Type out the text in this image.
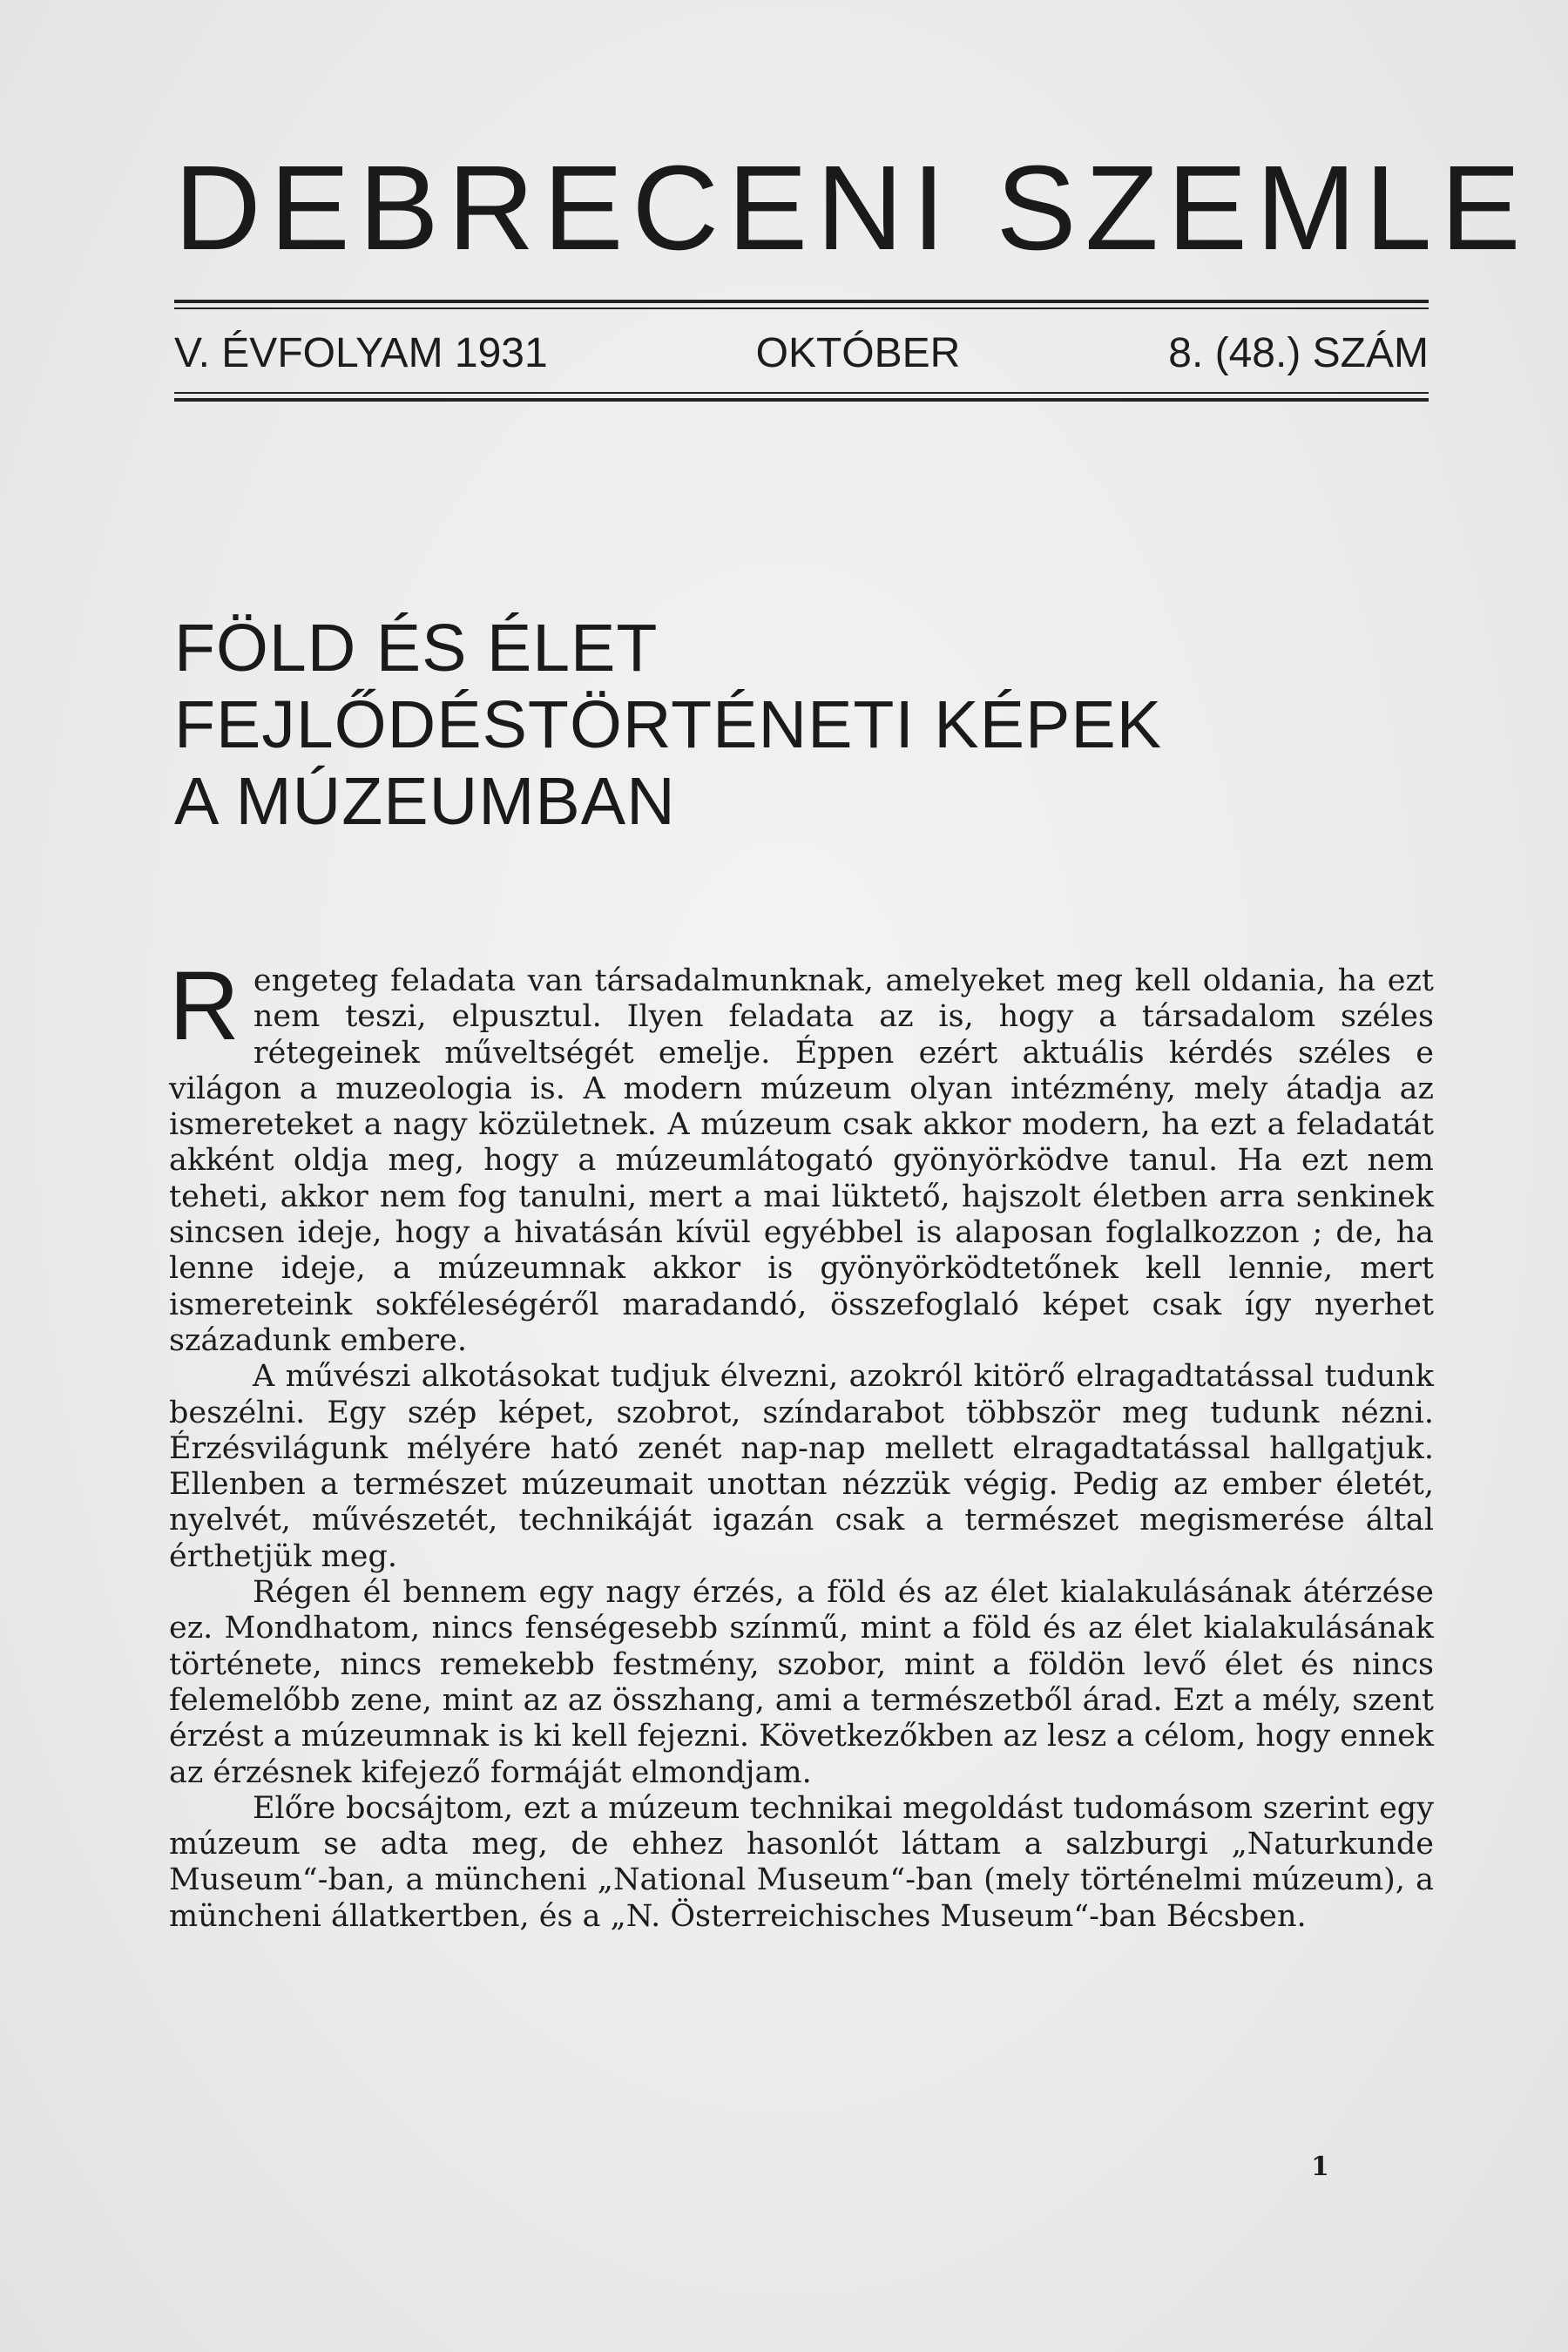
DEBRECENI SZEMLE
V. ÉVFOLYAM 1931	OKTÓBER	8. (48.) SZÁM
FÖLD ÉS ÉLET
FEJLŐDÉSTÖRTÉNETI KÉPEK
A MÚZEUMBAN

Rengeteg feladata van társadalmunknak, amelyeket meg kell oldania, ha ezt nem teszi, elpusztul. Ilyen feladata az is, hogy a társadalom széles rétegeinek műveltségét emelje. Éppen ezért aktuális kérdés széles e világon a muzeologia is. A modern múzeum olyan intézmény, mely átadja az ismereteket a nagy közületnek. A múzeum csak akkor modern, ha ezt a feladatát akként oldja meg, hogy a múzeumlátogató gyönyörködve tanul. Ha ezt nem teheti, akkor nem fog tanulni, mert a mai lüktető, hajszolt életben arra senkinek sincsen ideje, hogy a hivatásán kívül egyébbel is alaposan foglalkozzon ; de, ha lenne ideje, a múzeumnak akkor is gyönyörködtetőnek kell lennie, mert ismereteink sokféleségéről maradandó, összefoglaló képet csak így nyerhet századunk embere.

A művészi alkotásokat tudjuk élvezni, azokról kitörő elragadtatással tudunk beszélni. Egy szép képet, szobrot, színdarabot többször meg tudunk nézni. Érzésvilágunk mélyére ható zenét nap-nap mellett elragadtatással hallgatjuk. Ellenben a természet múzeumait unottan nézzük végig. Pedig az ember életét, nyelvét, művészetét, technikáját igazán csak a természet megismerése által érthetjük meg.

Régen él bennem egy nagy érzés, a föld és az élet kialakulásának átérzése ez. Mondhatom, nincs fenségesebb színmű, mint a föld és az élet kialakulásának története, nincs remekebb festmény, szobor, mint a földön levő élet és nincs felemelőbb zene, mint az az összhang, ami a természetből árad. Ezt a mély, szent érzést a múzeumnak is ki kell fejezni. Következőkben az lesz a célom, hogy ennek az érzésnek kifejező formáját elmondjam.

Előre bocsájtom, ezt a múzeum technikai megoldást tudomásom szerint egy múzeum se adta meg, de ehhez hasonlót láttam a salzburgi „Naturkunde Museum“-ban, a müncheni „National Museum“-ban (mely történelmi múzeum), a müncheni állatkertben, és a „N. Österreichisches Museum“-ban Bécsben.

1
